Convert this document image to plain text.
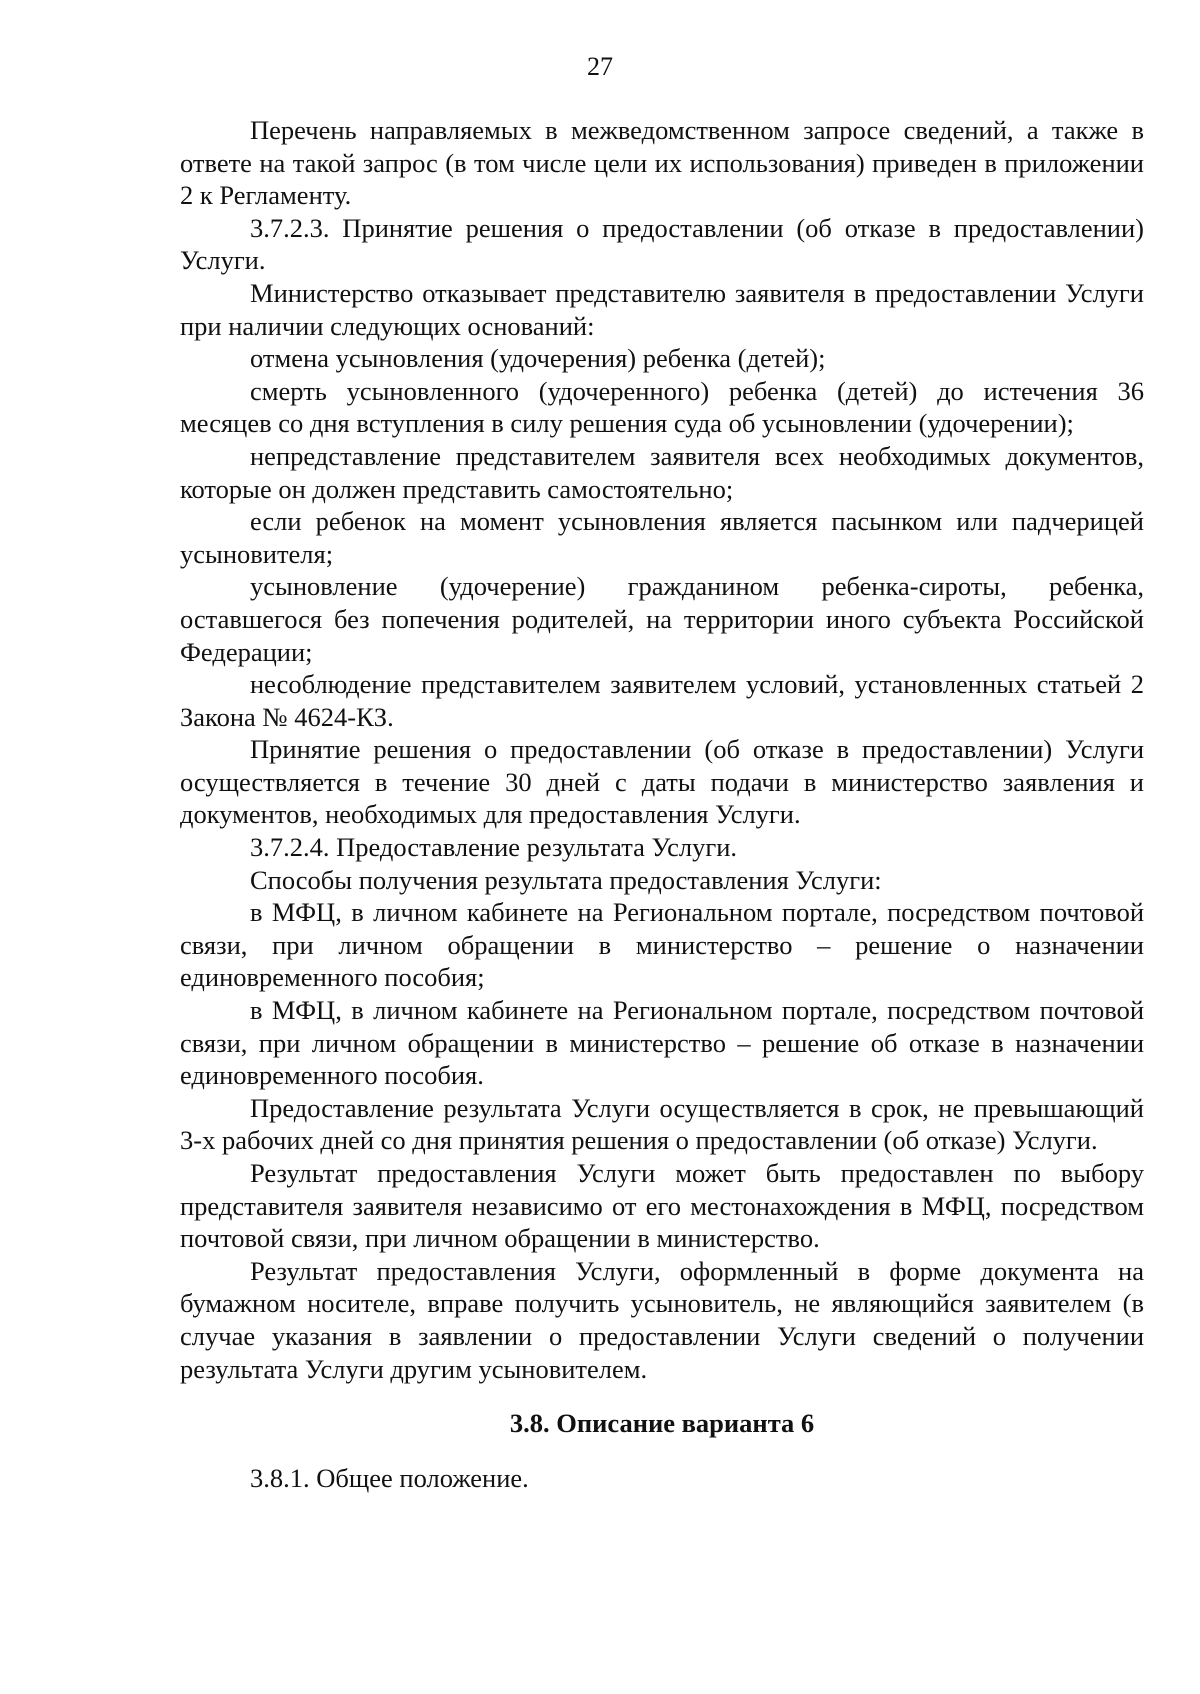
27

Перечень направляемых в межведомственном запросе сведений, а также в ответе на такой запрос (в том числе цели их использования) приведен в приложении 2 к Регламенту.

3.7.2.3. Принятие решения о предоставлении (об отказе в предоставлении) Услуги.

Министерство отказывает представителю заявителя в предоставлении Услуги при наличии следующих оснований:

отмена усыновления (удочерения) ребенка (детей);

смерть усыновленного (удочеренного) ребенка (детей) до истечения 36 месяцев со дня вступления в силу решения суда об усыновлении (удочерении);

непредставление представителем заявителя всех необходимых документов, которые он должен представить самостоятельно;

если ребенок на момент усыновления является пасынком или падчерицей усыновителя;

усыновление (удочерение) гражданином ребенка-сироты, ребенка, оставшегося без попечения родителей, на территории иного субъекта Российской Федерации;

несоблюдение представителем заявителем условий, установленных статьей 2 Закона № 4624-КЗ.

Принятие решения о предоставлении (об отказе в предоставлении) Услуги осуществляется в течение 30 дней с даты подачи в министерство заявления и документов, необходимых для предоставления Услуги.

3.7.2.4. Предоставление результата Услуги.

Способы получения результата предоставления Услуги:

в МФЦ, в личном кабинете на Региональном портале, посредством почтовой связи, при личном обращении в министерство – решение о назначении единовременного пособия;

в МФЦ, в личном кабинете на Региональном портале, посредством почтовой связи, при личном обращении в министерство – решение об отказе в назначении единовременного пособия.

Предоставление результата Услуги осуществляется в срок, не превышающий 3-х рабочих дней со дня принятия решения о предоставлении (об отказе) Услуги.

Результат предоставления Услуги может быть предоставлен по выбору представителя заявителя независимо от его местонахождения в МФЦ, посредством почтовой связи, при личном обращении в министерство.

Результат предоставления Услуги, оформленный в форме документа на бумажном носителе, вправе получить усыновитель, не являющийся заявителем (в случае указания в заявлении о предоставлении Услуги сведений о получении результата Услуги другим усыновителем.

3.8. Описание варианта 6

3.8.1. Общее положение.
